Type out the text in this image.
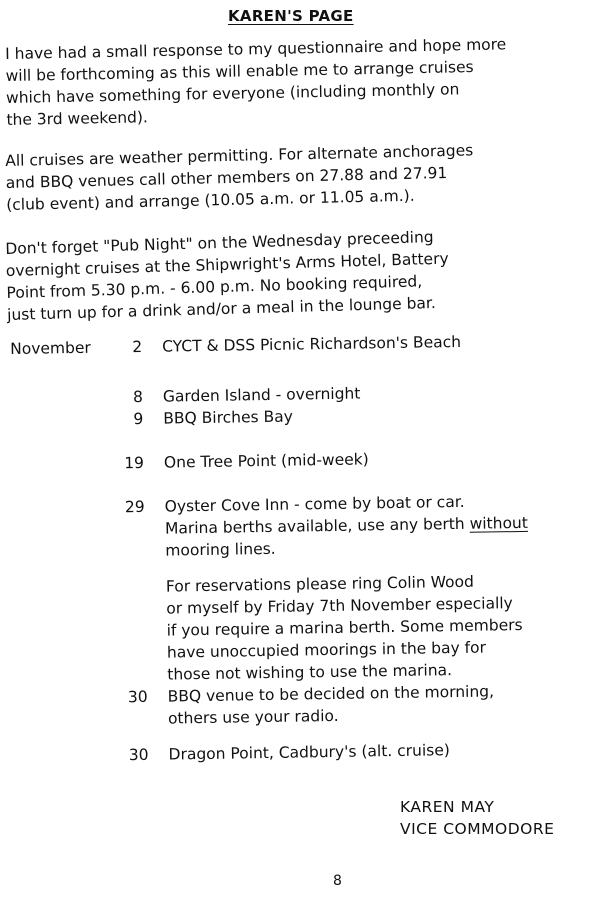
KAREN'S PAGE

I have had a small response to my questionnaire and hope more
will be forthcoming as this will enable me to arrange cruises
which have something for everyone (including monthly on
the 3rd weekend).

All cruises are weather permitting. For alternate anchorages
and BBQ venues call other members on 27.88 and 27.91
(club event) and arrange (10.05 a.m. or 11.05 a.m.).

Don't forget "Pub Night" on the Wednesday preceeding
overnight cruises at the Shipwright's Arms Hotel, Battery
Point from 5.30 p.m. - 6.00 p.m. No booking required,
just turn up for a drink and/or a meal in the lounge bar.

November	2 CYCT & DSS Picnic Richardson's Beach
8 Garden Island - overnight
9 BBQ Birches Bay
19 One Tree Point (mid-week)
29 Oyster Cove Inn - come by boat or car.
Marina berths available, use any berth without
mooring lines.
For reservations please ring Colin Wood
or myself by Friday 7th November especially
if you require a marina berth. Some members
have unoccupied moorings in the bay for
those not wishing to use the marina.
30 BBQ venue to be decided on the morning,
others use your radio.
30 Dragon Point, Cadbury's (alt. cruise)
KAREN MAY
VICE COMMODORE
8
